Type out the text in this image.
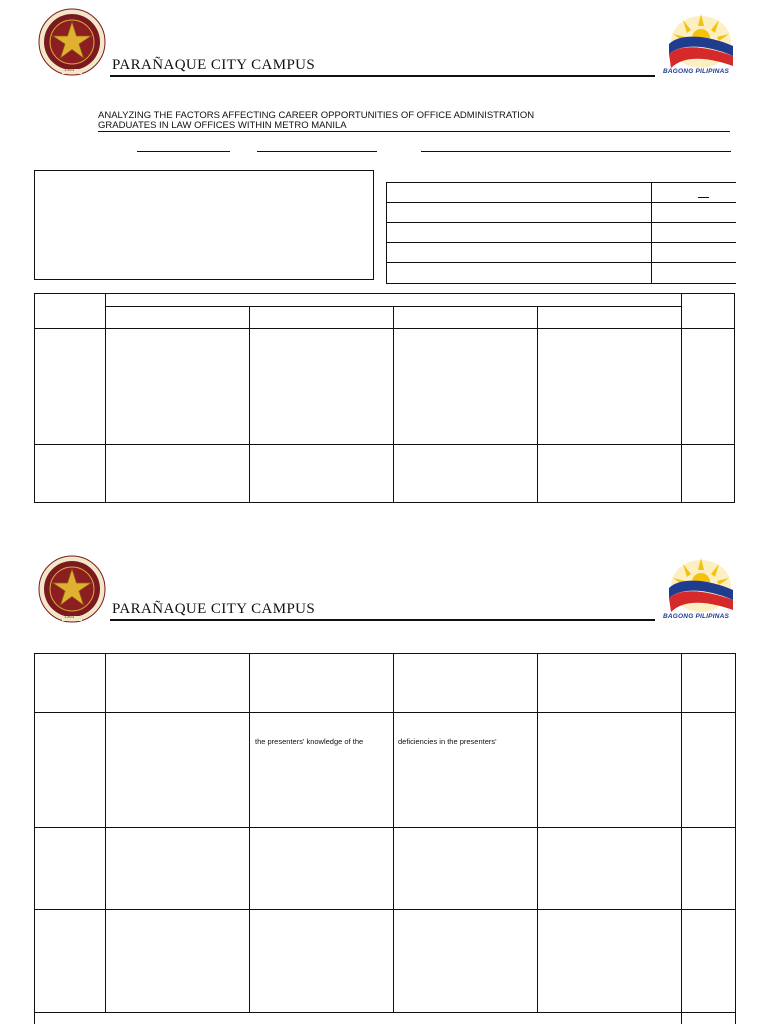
1904	PARAÑAQUE CITY CAMPUS	BAGONG PILIPINAS
ANALYZING THE FACTORS AFFECTING CAREER OPPORTUNITIES OF OFFICE ADMINISTRATION
GRADUATES IN LAW OFFICES WITHIN METRO MANILA
1904
PARAÑAQUE CITY CAMPUS	BAGONG PILIPINAS
the presenters' knowledge of the	deficiencies in the presenters'
